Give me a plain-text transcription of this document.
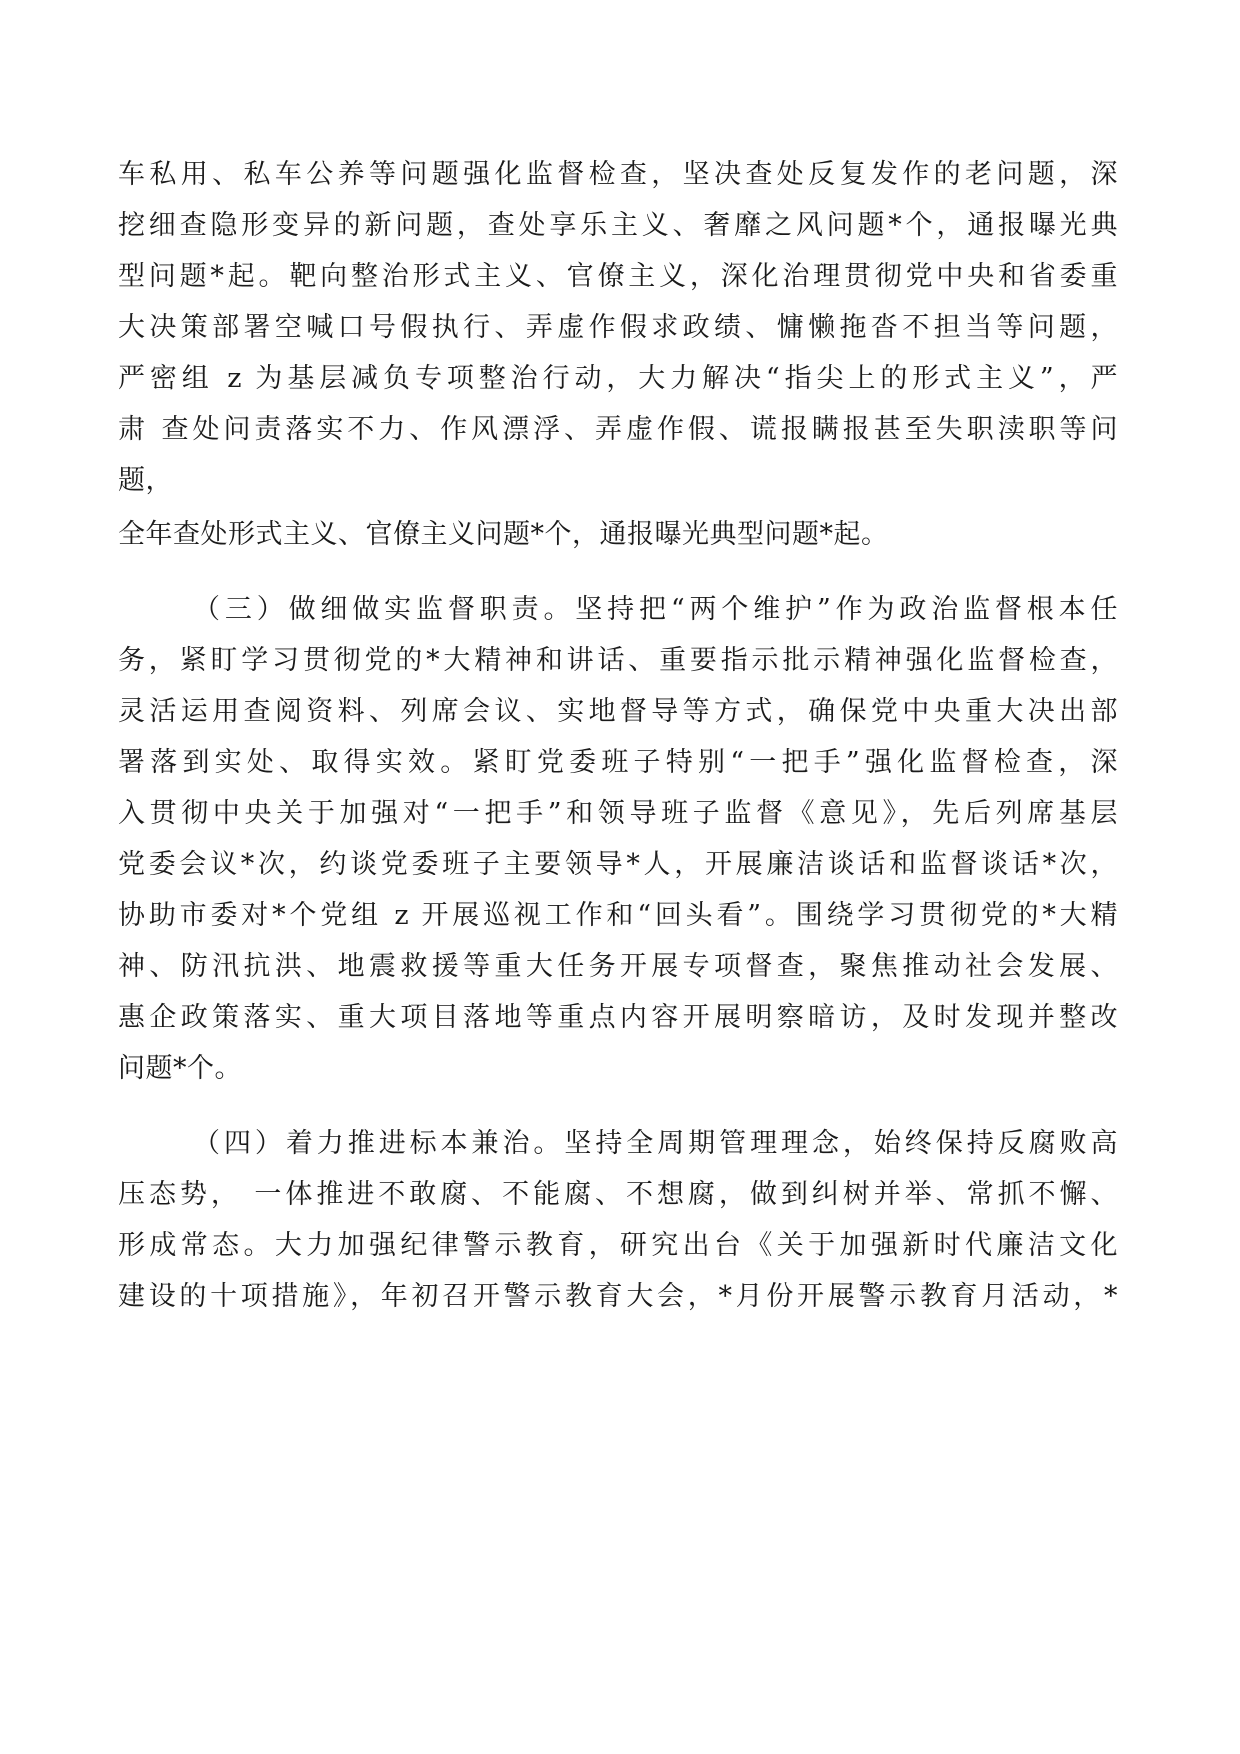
车私用、私车公养等问题强化监督检查，坚决查处反复发作的老问题，深
挖细查隐形变异的新问题，查处享乐主义、奢靡之风问题*个，通报曝光典
型问题*起。靶向整治形式主义、官僚主义，深化治理贯彻党中央和省委重
大决策部署空喊口号假执行、弄虚作假求政绩、慵懒拖沓不担当等问题，
严密组 z 为基层减负专项整治行动，大力解决“指尖上的形式主义”，严
肃 查处问责落实不力、作风漂浮、弄虚作假、谎报瞒报甚至失职渎职等问
题，
全年查处形式主义、官僚主义问题*个，通报曝光典型问题*起。
（三）做细做实监督职责。坚持把“两个维护”作为政治监督根本任
务，紧盯学习贯彻党的*大精神和讲话、重要指示批示精神强化监督检查，
灵活运用查阅资料、列席会议、实地督导等方式，确保党中央重大决出部
署落到实处、取得实效。紧盯党委班子特别“一把手”强化监督检查，深
入贯彻中央关于加强对“一把手”和领导班子监督《意见》，先后列席基层
党委会议*次，约谈党委班子主要领导*人，开展廉洁谈话和监督谈话*次，
协助市委对*个党组 z 开展巡视工作和“回头看”。围绕学习贯彻党的*大精
神、防汛抗洪、地震救援等重大任务开展专项督查，聚焦推动社会发展、
惠企政策落实、重大项目落地等重点内容开展明察暗访，及时发现并整改
问题*个。
（四）着力推进标本兼治。坚持全周期管理理念，始终保持反腐败高
压态势， 一体推进不敢腐、不能腐、不想腐，做到纠树并举、常抓不懈、
形成常态。大力加强纪律警示教育，研究出台《关于加强新时代廉洁文化
建设的十项措施》，年初召开警示教育大会，*月份开展警示教育月活动，*
